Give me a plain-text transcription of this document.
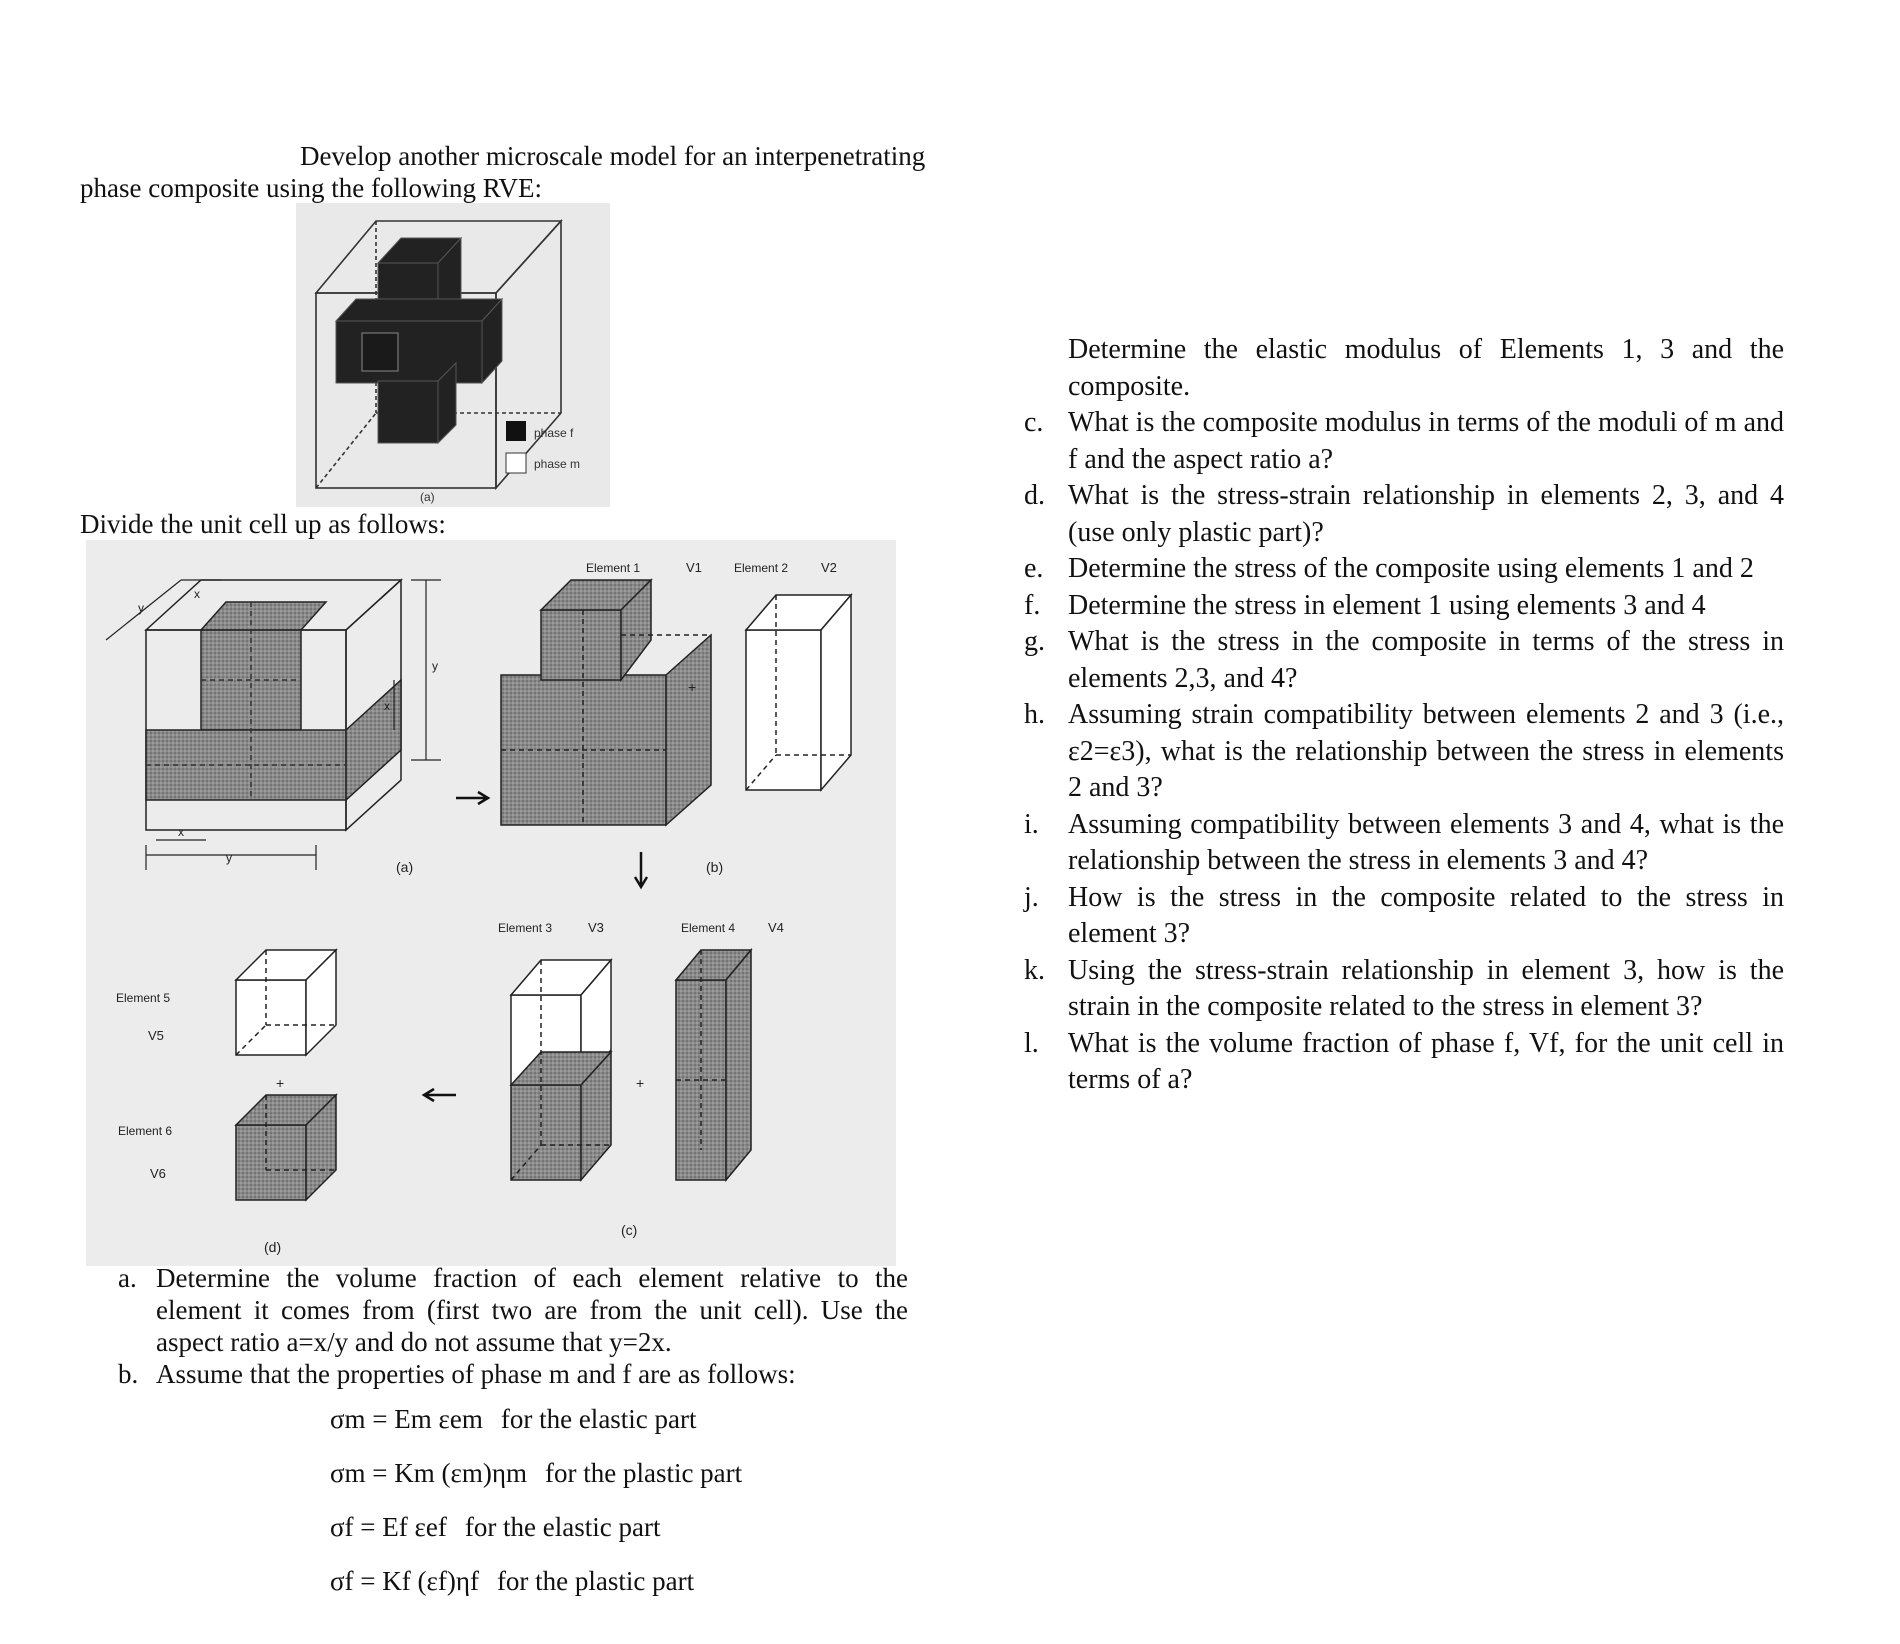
Develop another microscale model for an interpenetrating
phase composite using the following RVE:
phase f
phase m
(a)
Divide the unit cell up as follows:
y
x
y
x
x
y
(a)
Element 1	V1
+
Element 2	V2
(b)
Element 3	V3
+
Element 4	V4
(c)
Element 5
V5
+
Element 6
V6
(d)
a. Determine the volume fraction of each element relative to the element it comes from (first two are from the unit cell). Use the aspect ratio a=x/y and do not assume that y=2x.
b. Assume that the properties of phase m and f are as follows:
σm = Em εem for the elastic part
σm = Km (εm)ηm for the plastic part
σf = Ef εef for the elastic part
σf = Kf (εf)ηf for the plastic part
Determine the elastic modulus of Elements 1, 3 and the composite.
c. What is the composite modulus in terms of the moduli of m and f and the aspect ratio a?
d. What is the stress-strain relationship in elements 2, 3, and 4 (use only plastic part)?
e. Determine the stress of the composite using elements 1 and 2
f. Determine the stress in element 1 using elements 3 and 4
g. What is the stress in the composite in terms of the stress in elements 2,3, and 4?
h. Assuming strain compatibility between elements 2 and 3 (i.e., ε2=ε3), what is the relationship between the stress in elements 2 and 3?
i.	Assuming compatibility between elements 3 and 4, what is the relationship between the stress in elements 3 and 4?
j.	How is the stress in the composite related to the stress in element 3?
k. Using the stress-strain relationship in element 3, how is the strain in the composite related to the stress in element 3?
l.	What is the volume fraction of phase f, Vf, for the unit cell in terms of a?
